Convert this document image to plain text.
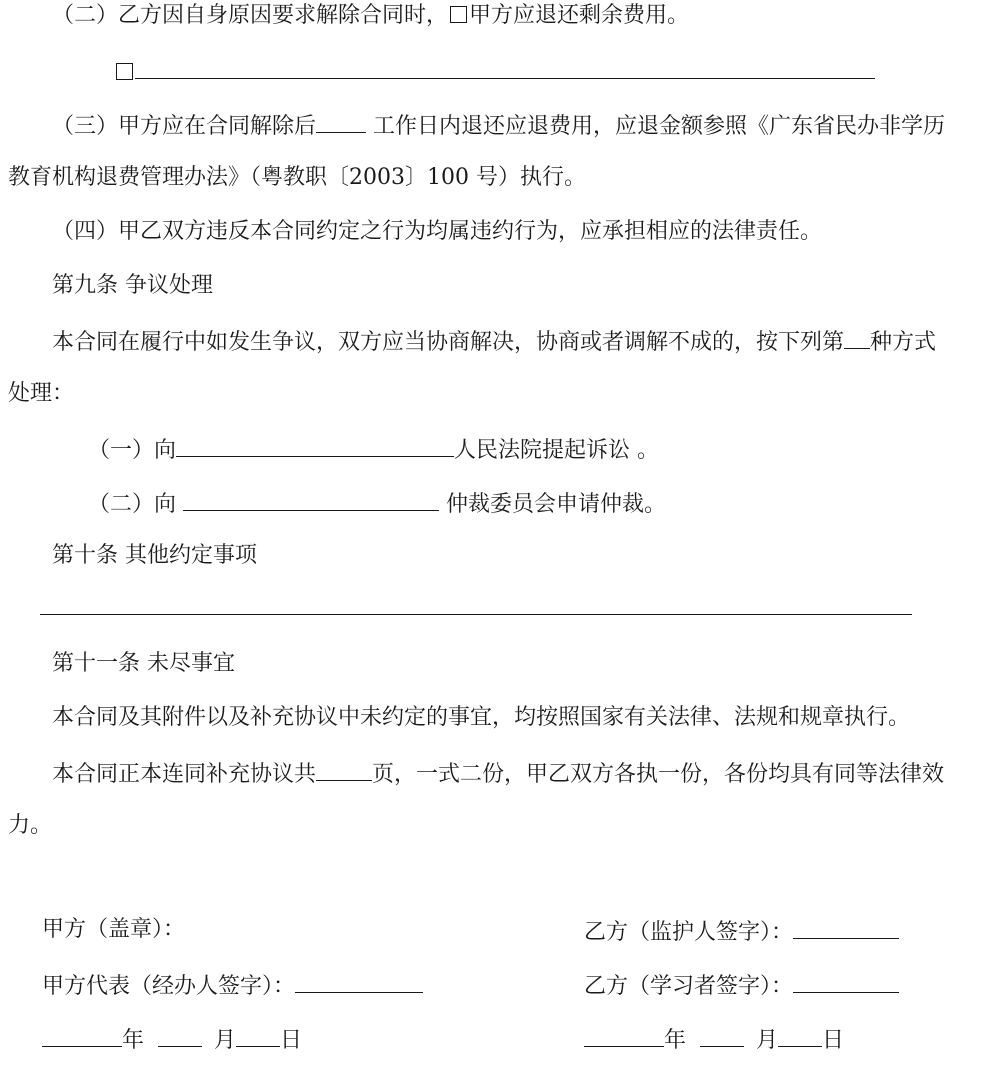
（二）乙方因自身原因要求解除合同时， 甲方应退还剩余费用。
（三）甲方应在合同解除后 工作日内退还应退费用，应退金额参照《广东省民办非学历
教育机构退费管理办法》（粤教职〔2003〕100 号）执行。
（四）甲乙双方违反本合同约定之行为均属违约行为，应承担相应的法律责任。
第九条 争议处理
本合同在履行中如发生争议，双方应当协商解决，协商或者调解不成的，按下列第 种方式
处理：
（一）向	人民法院提起诉讼 。
（二）向	仲裁委员会申请仲裁。
第十条 其他约定事项
第十一条 未尽事宜
本合同及其附件以及补充协议中未约定的事宜，均按照国家有关法律、法规和规章执行。
本合同正本连同补充协议共	页，一式二份，甲乙双方各执一份，各份均具有同等法律效
力。
甲方（盖章）：
甲方代表（经办人签字）：
年	月 日
乙方（监护人签字）：
乙方（学习者签字）：
年	月 日
